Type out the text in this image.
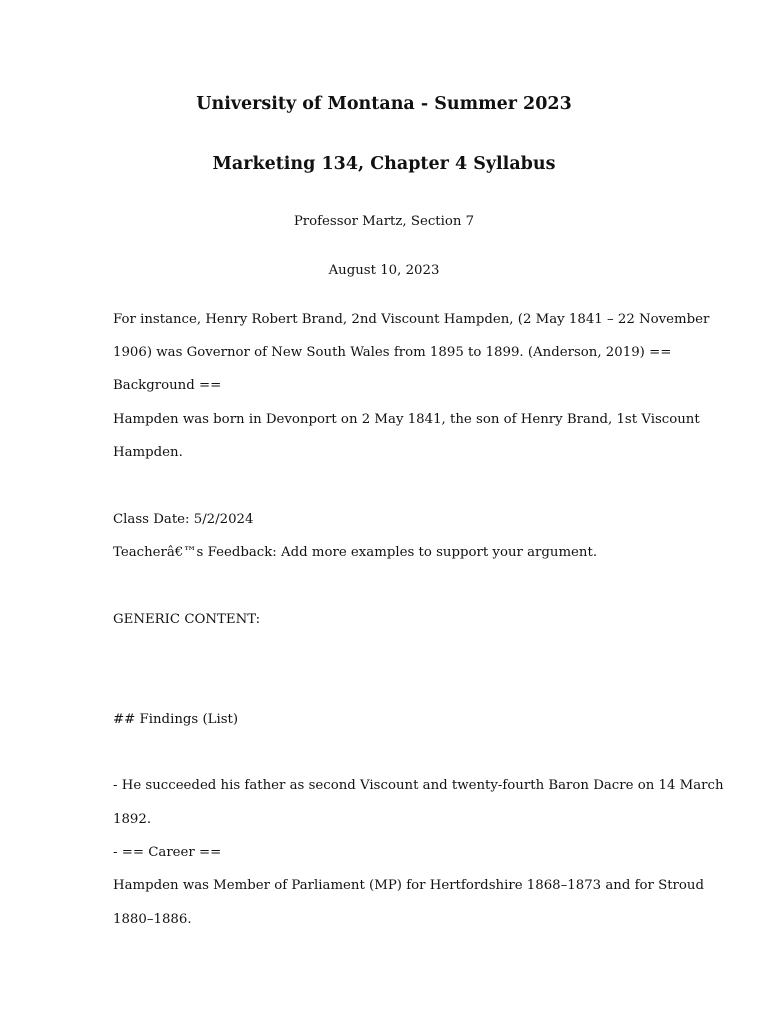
University of Montana - Summer 2023
Marketing 134, Chapter 4 Syllabus
Professor Martz, Section 7
August 10, 2023
For instance, Henry Robert Brand, 2nd Viscount Hampden, (2 May 1841 – 22 November
1906) was Governor of New South Wales from 1895 to 1899. (Anderson, 2019) ==
Background ==
Hampden was born in Devonport on 2 May 1841, the son of Henry Brand, 1st Viscount
Hampden.
Class Date: 5/2/2024
Teacherâ€™s Feedback: Add more examples to support your argument.
GENERIC CONTENT:
## Findings (List)
- He succeeded his father as second Viscount and twenty-fourth Baron Dacre on 14 March
1892.
- == Career ==
Hampden was Member of Parliament (MP) for Hertfordshire 1868–1873 and for Stroud
1880–1886.
